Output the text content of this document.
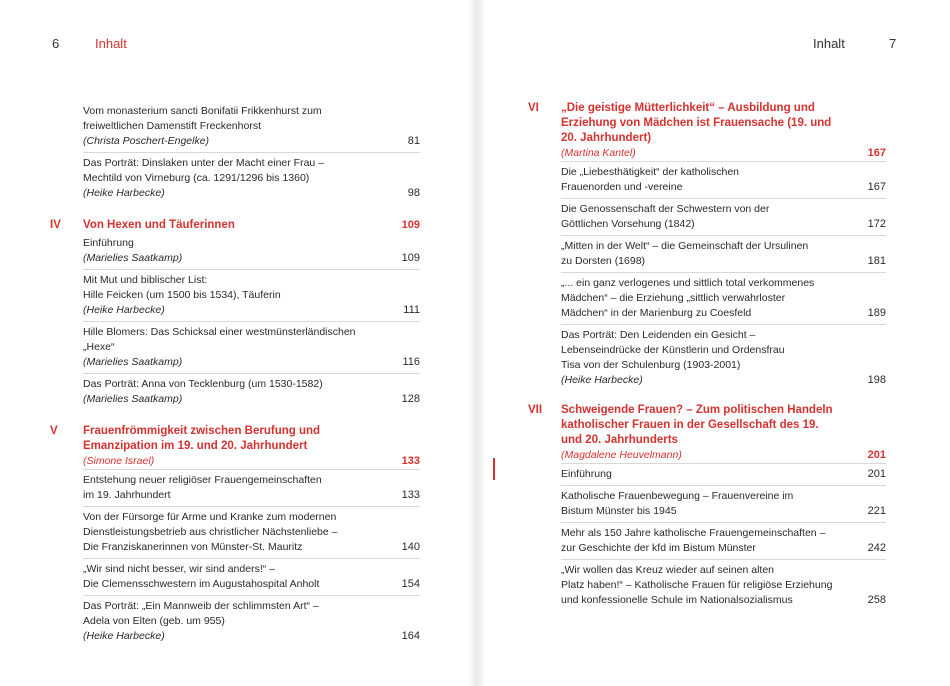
6	Inhalt
Vom monasterium sancti Bonifatii Frikkenhurst zum
freiweltlichen Damenstift Freckenhorst
(Christa Poschert-Engelke)	81
Das Porträt: Dinslaken unter der Macht einer Frau –
Mechtild von Virneburg (ca. 1291/1296 bis 1360)
(Heike Harbecke)	98
IV Von Hexen und Täuferinnen	109
Einführung
(Marielies Saatkamp)	109
Mit Mut und biblischer List:
Hille Feicken (um 1500 bis 1534), Täuferin
(Heike Harbecke)	111
Hille Blomers: Das Schicksal einer westmünsterländischen
„Hexe“
(Marielies Saatkamp)	116
Das Porträt: Anna von Tecklenburg (um 1530-1582)
(Marielies Saatkamp)	128
V Frauenfrömmigkeit zwischen Berufung und Emanzipation im 19. und 20. Jahrhundert
(Simone Israel)	133
Entstehung neuer religiöser Frauengemeinschaften
im 19. Jahrhundert	133
Von der Fürsorge für Arme und Kranke zum modernen
Dienstleistungsbetrieb aus christlicher Nächstenliebe –
Die Franziskanerinnen von Münster-St. Mauritz	140
„Wir sind nicht besser, wir sind anders!“ –
Die Clemensschwestern im Augustahospital Anholt	154
Das Porträt: „Ein Mannweib der schlimmsten Art“ –
Adela von Elten (geb. um 955)
(Heike Harbecke)	164
Inhalt	7
VI „Die geistige Mütterlichkeit“ – Ausbildung und Erziehung von Mädchen ist Frauensache (19. und 20. Jahrhundert)
(Martina Kantel)	167
Die „Liebesthätigkeit“ der katholischen
Frauenorden und -vereine	167
Die Genossenschaft der Schwestern von der
Göttlichen Vorsehung (1842)	172
„Mitten in der Welt“ – die Gemeinschaft der Ursulinen
zu Dorsten (1698)	181
„... ein ganz verlogenes und sittlich total verkommenes
Mädchen“ – die Erziehung „sittlich verwahrloster
Mädchen“ in der Marienburg zu Coesfeld	189
Das Porträt: Den Leidenden ein Gesicht –
Lebenseindrücke der Künstlerin und Ordensfrau
Tisa von der Schulenburg (1903-2001)
(Heike Harbecke)	198
VII Schweigende Frauen? – Zum politischen Handeln katholischer Frauen in der Gesellschaft des 19. und 20. Jahrhunderts
(Magdalene Heuvelmann)	201
Einführung	201
Katholische Frauenbewegung – Frauenvereine im
Bistum Münster bis 1945	221
Mehr als 150 Jahre katholische Frauengemeinschaften –
zur Geschichte der kfd im Bistum Münster	242
„Wir wollen das Kreuz wieder auf seinen alten
Platz haben!“ – Katholische Frauen für religiöse Erziehung
und konfessionelle Schule im Nationalsozialismus	258
